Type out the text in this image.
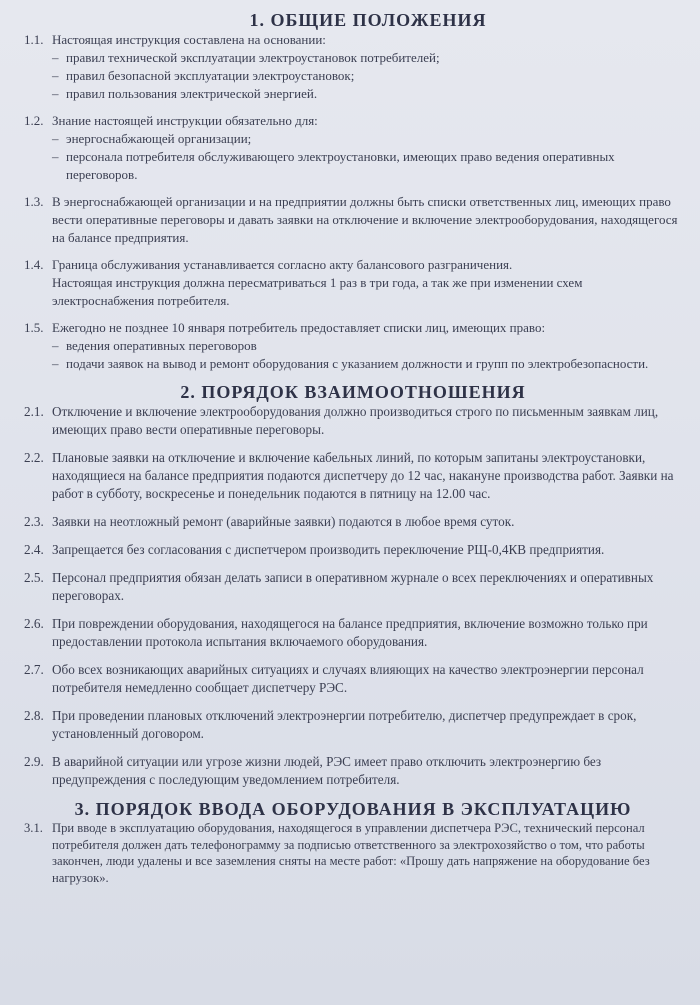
1. ОБЩИЕ ПОЛОЖЕНИЯ
1.1. Настоящая инструкция составлена на основании:
– правил технической эксплуатации электроустановок потребителей;
– правил безопасной эксплуатации электроустановок;
– правил пользования электрической энергией.
1.2. Знание настоящей инструкции обязательно для:
– энергоснабжающей организации;
– персонала потребителя обслуживающего электроустановки, имеющих право ведения оперативных переговоров.
1.3. В энергоснабжающей организации и на предприятии должны быть списки ответственных лиц, имеющих право вести оперативные переговоры и давать заявки на отключение и включение электрооборудования, находящегося на балансе предприятия.
1.4. Граница обслуживания устанавливается согласно акту балансового разграничения.
Настоящая инструкция должна пересматриваться 1 раз в три года, а так же при изменении схем электроснабжения потребителя.
1.5. Ежегодно не позднее 10 января потребитель предоставляет списки лиц, имеющих право:
– ведения оперативных переговоров
– подачи заявок на вывод и ремонт оборудования с указанием должности и групп по электробезопасности.
2. ПОРЯДОК ВЗАИМООТНОШЕНИЯ
2.1. Отключение и включение электрооборудования должно производиться строго по письменным заявкам лиц, имеющих право вести оперативные переговоры.
2.2. Плановые заявки на отключение и включение кабельных линий, по которым запитаны электроустановки, находящиеся на балансе предприятия подаются диспетчеру до 12 час, накануне производства работ. Заявки на работ в субботу, воскресенье и понедельник подаются в пятницу на 12.00 час.
2.3. Заявки на неотложный ремонт (аварийные заявки) подаются в любое время суток.
2.4. Запрещается без согласования с диспетчером производить переключение РЩ-0,4КВ предприятия.
2.5. Персонал предприятия обязан делать записи в оперативном журнале о всех переключениях и оперативных переговорах.
2.6. При повреждении оборудования, находящегося на балансе предприятия, включение возможно только при предоставлении протокола испытания включаемого оборудования.
2.7. Обо всех возникающих аварийных ситуациях и случаях влияющих на качество электроэнергии персонал потребителя немедленно сообщает диспетчеру РЭС.
2.8. При проведении плановых отключений электроэнергии потребителю, диспетчер предупреждает в срок, установленный договором.
2.9. В аварийной ситуации или угрозе жизни людей, РЭС имеет право отключить электроэнергию без предупреждения с последующим уведомлением потребителя.
3. ПОРЯДОК ВВОДА ОБОРУДОВАНИЯ В ЭКСПЛУАТАЦИЮ
3.1. При вводе в эксплуатацию оборудования, находящегося в управлении диспетчера РЭС, технический персонал потребителя должен дать телефонограмму за подписью ответственного за электрохозяйство о том, что работы закончен, люди удалены и все заземления сняты на месте работ: «Прошу дать напряжение на оборудование без нагрузок».
